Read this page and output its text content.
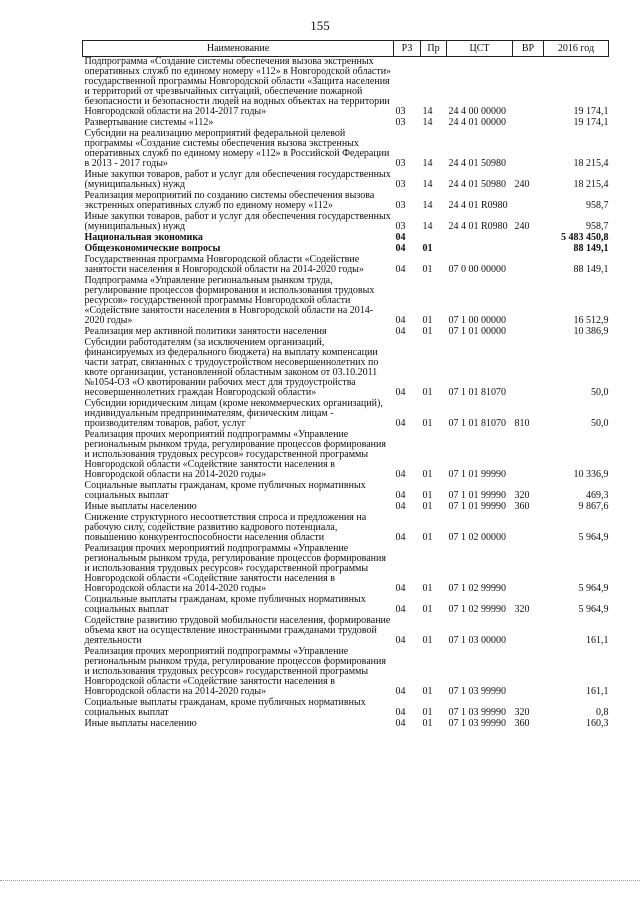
155
Наименование	РЗ	Пр	ЦСТ	ВР	2016 год
Подпрограмма «Создание системы обеспечения вызова экстренных оперативных служб по единому номеру «112» в Новгородской области» государственной программы Новгородской области «Защита населения и территорий от чрезвычайных ситуаций, обеспечение пожарной безопасности и безопасности людей на водных объектах на территории Новгородской области на 2014-2017 годы»	03	14	24 4 00 00000		19 174,1
Развертывание системы «112»	03	14	24 4 01 00000		19 174,1
Субсидии на реализацию мероприятий федеральной целевой программы «Создание системы обеспечения вызова экстренных оперативных служб по единому номеру «112» в Российской Федерации в 2013 - 2017 годы»	03	14	24 4 01 50980		18 215,4
Иные закупки товаров, работ и услуг для обеспечения государственных (муниципальных) нужд	03	14	24 4 01 50980	240	18 215,4
Реализация мероприятий по созданию системы обеспечения вызова экстренных оперативных служб по единому номеру «112»	03	14	24 4 01 R0980		958,7
Иные закупки товаров, работ и услуг для обеспечения государственных (муниципальных) нужд	03	14	24 4 01 R0980	240	958,7
Национальная экономика	04				5 483 450,8
Общеэкономические вопросы	04	01			88 149,1
Государственная программа Новгородской области «Содействие занятости населения в Новгородской области на 2014-2020 годы»	04	01	07 0 00 00000		88 149,1
Подпрограмма «Управление региональным рынком труда, регулирование процессов формирования и использования трудовых ресурсов» государственной программы Новгородской области «Содействие занятости населения в Новгородской области на 2014-2020 годы»	04	01	07 1 00 00000		16 512,9
Реализация мер активной политики занятости населения	04	01	07 1 01 00000		10 386,9
Субсидии работодателям (за исключением организаций, финансируемых из федерального бюджета) на выплату компенсации части затрат, связанных с трудоустройством несовершеннолетних по квоте организации, установленной областным законом от 03.10.2011 №1054-ОЗ «О квотировании рабочих мест для трудоустройства несовершеннолетних граждан Новгородской области»	04	01	07 1 01 81070		50,0
Субсидии юридическим лицам (кроме некоммерческих организаций), индивидуальным предпринимателям, физическим лицам - производителям товаров, работ, услуг	04	01	07 1 01 81070	810	50,0
Реализация прочих мероприятий подпрограммы «Управление региональным рынком труда, регулирование процессов формирования и использования трудовых ресурсов» государственной программы Новгородской области «Содействие занятости населения в Новгородской области на 2014-2020 годы»	04	01	07 1 01 99990		10 336,9
Социальные выплаты гражданам, кроме публичных нормативных социальных выплат	04	01	07 1 01 99990	320	469,3
Иные выплаты населению	04	01	07 1 01 99990	360	9 867,6
Снижение структурного несоответствия спроса и предложения на рабочую силу, содействие развитию кадрового потенциала, повышению конкурентоспособности населения области	04	01	07 1 02 00000		5 964,9
Реализация прочих мероприятий подпрограммы «Управление региональным рынком труда, регулирование процессов формирования и использования трудовых ресурсов» государственной программы Новгородской области «Содействие занятости населения в Новгородской области на 2014-2020 годы»	04	01	07 1 02 99990		5 964,9
Социальные выплаты гражданам, кроме публичных нормативных социальных выплат	04	01	07 1 02 99990	320	5 964,9
Содействие развитию трудовой мобильности населения, формирование объема квот на осуществление иностранными гражданами трудовой деятельности	04	01	07 1 03 00000		161,1
Реализация прочих мероприятий подпрограммы «Управление региональным рынком труда, регулирование процессов формирования и использования трудовых ресурсов» государственной программы Новгородской области «Содействие занятости населения в Новгородской области на 2014-2020 годы»	04	01	07 1 03 99990		161,1
Социальные выплаты гражданам, кроме публичных нормативных социальных выплат	04	01	07 1 03 99990	320	0,8
Иные выплаты населению	04	01	07 1 03 99990	360	160,3
